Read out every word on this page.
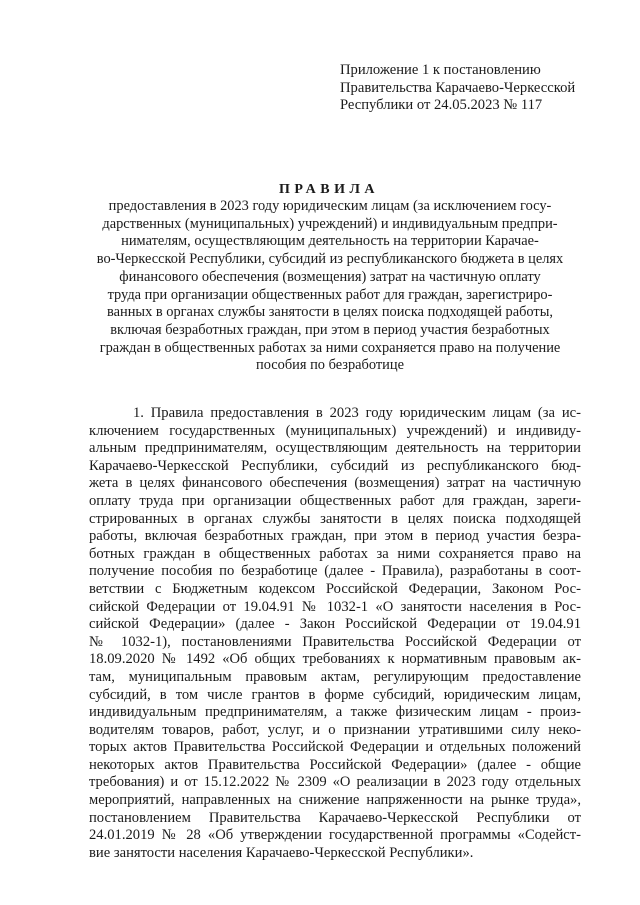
Приложение 1 к постановлению
Правительства Карачаево-Черкесской
Республики от 24.05.2023 № 117
ПРАВИЛА
предоставления в 2023 году юридическим лицам (за исключением госу-
дарственных (муниципальных) учреждений) и индивидуальным предпри-
нимателям, осуществляющим деятельность на территории Карачае-
во-Черкесской Республики, субсидий из республиканского бюджета в целях
финансового обеспечения (возмещения) затрат на частичную оплату
труда при организации общественных работ для граждан, зарегистриро-
ванных в органах службы занятости в целях поиска подходящей работы,
включая безработных граждан, при этом в период участия безработных
граждан в общественных работах за ними сохраняется право на получение
пособия по безработице
1. Правила предоставления в 2023 году юридическим лицам (за ис-
ключением государственных (муниципальных) учреждений) и индивиду-
альным предпринимателям, осуществляющим деятельность на территории
Карачаево-Черкесской Республики, субсидий из республиканского бюд-
жета в целях финансового обеспечения (возмещения) затрат на частичную
оплату труда при организации общественных работ для граждан, зареги-
стрированных в органах службы занятости в целях поиска подходящей
работы, включая безработных граждан, при этом в период участия безра-
ботных граждан в общественных работах за ними сохраняется право на
получение пособия по безработице (далее - Правила), разработаны в соот-
ветствии с Бюджетным кодексом Российской Федерации, Законом Рос-
сийской Федерации от 19.04.91 № 1032-1 «О занятости населения в Рос-
сийской Федерации» (далее - Закон Российской Федерации от 19.04.91
№ 1032-1), постановлениями Правительства Российской Федерации от
18.09.2020 № 1492 «Об общих требованиях к нормативным правовым ак-
там, муниципальным правовым актам, регулирующим предоставление
субсидий, в том числе грантов в форме субсидий, юридическим лицам,
индивидуальным предпринимателям, а также физическим лицам - произ-
водителям товаров, работ, услуг, и о признании утратившими силу неко-
торых актов Правительства Российской Федерации и отдельных положений
некоторых актов Правительства Российской Федерации» (далее - общие
требования) и от 15.12.2022 № 2309 «О реализации в 2023 году отдельных
мероприятий, направленных на снижение напряженности на рынке труда»,
постановлением Правительства Карачаево-Черкесской Республики от
24.01.2019 № 28 «Об утверждении государственной программы «Содейст-
вие занятости населения Карачаево-Черкесской Республики».
